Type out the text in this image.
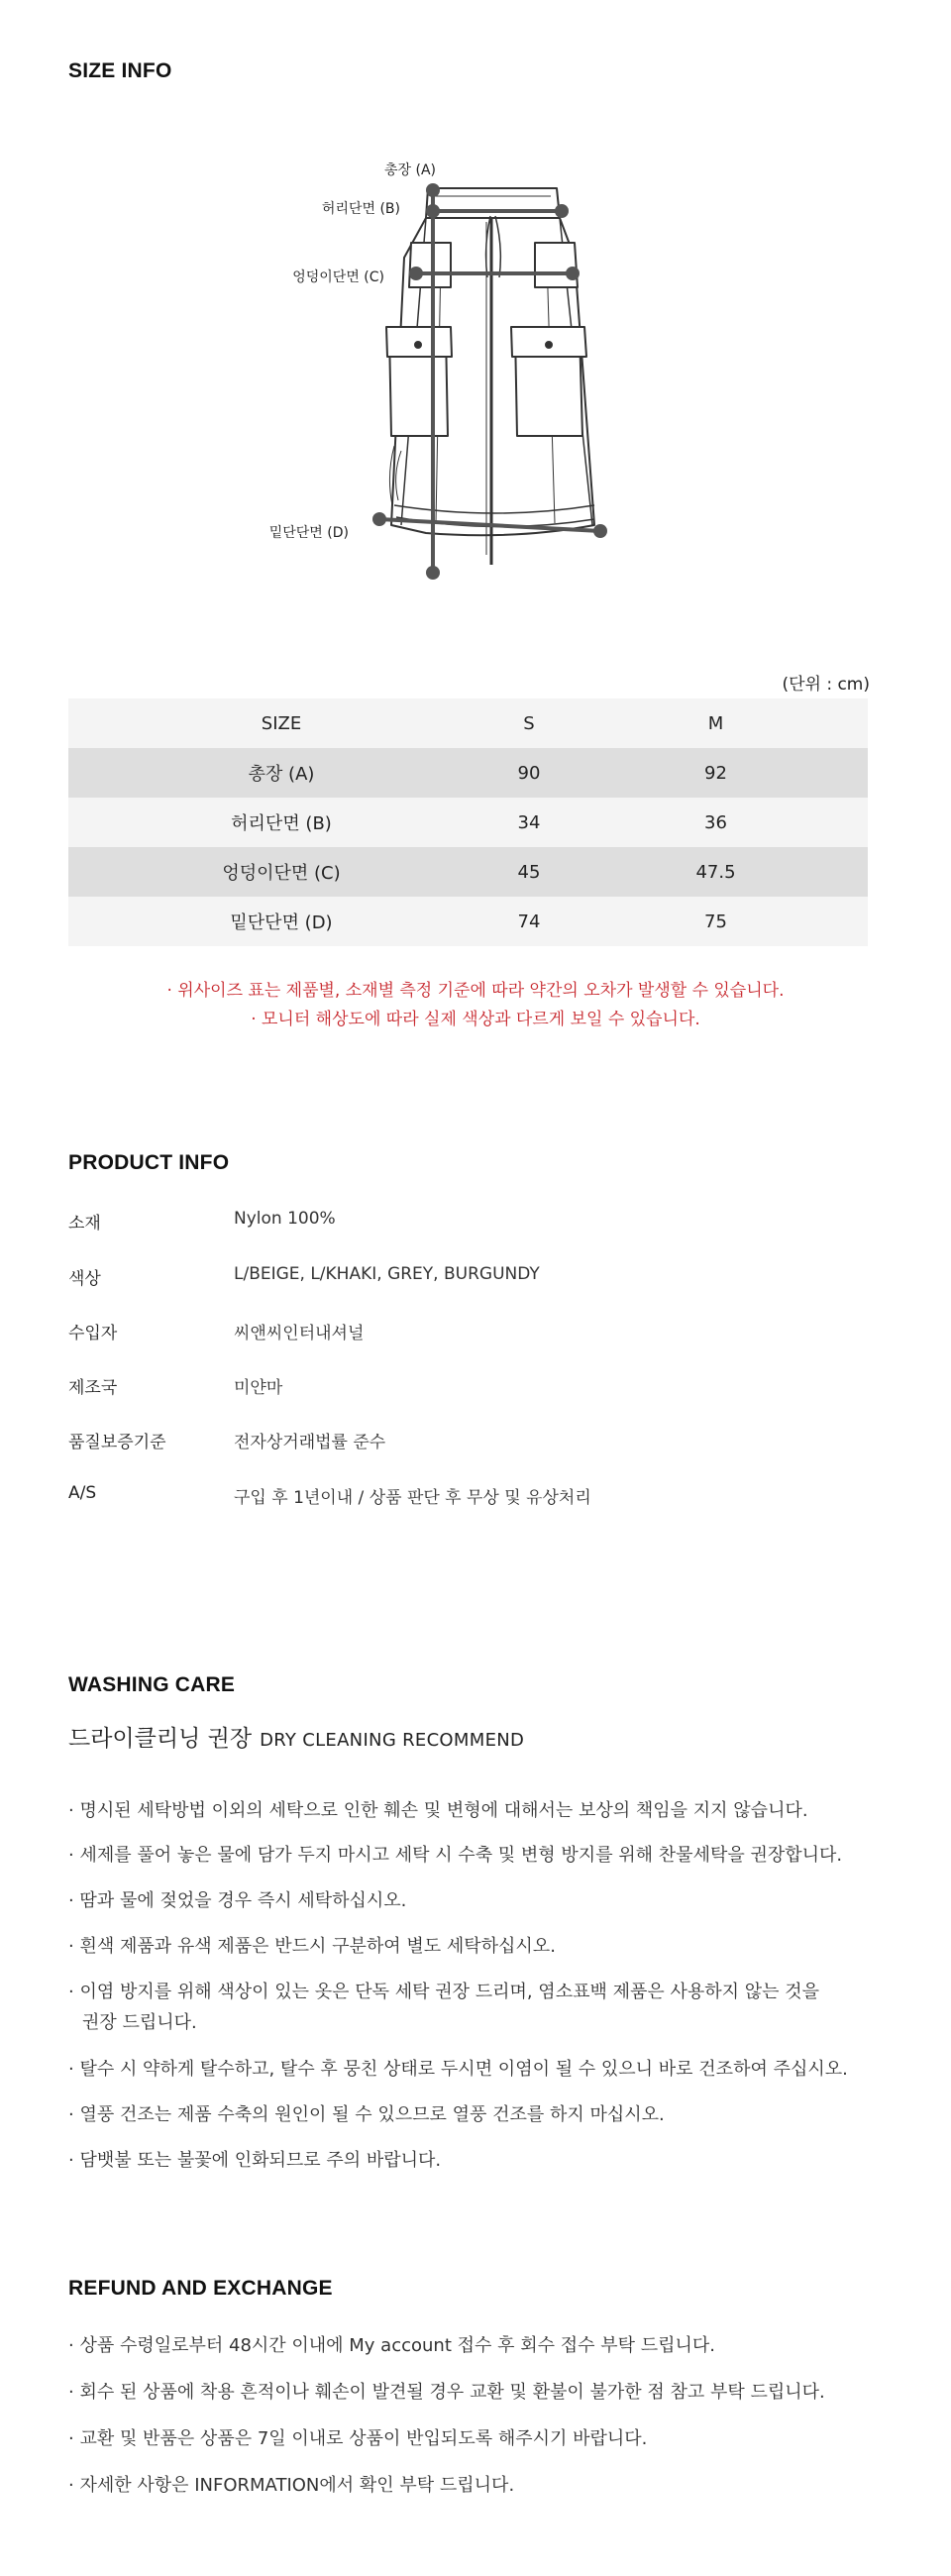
SIZE INFO
총장 (A)
허리단면 (B)
엉덩이단면 (C)
밑단단면 (D)
(단위 : cm)
SIZE	S	M
총장 (A)	90	92
허리단면 (B)	34	36
엉덩이단면 (C)	45	47.5
밑단단면 (D)	74	75
· 위사이즈 표는 제품별, 소재별 측정 기준에 따라 약간의 오차가 발생할 수 있습니다.
· 모니터 해상도에 따라 실제 색상과 다르게 보일 수 있습니다.
PRODUCT INFO
소재	Nylon 100%
색상	L/BEIGE, L/KHAKI, GREY, BURGUNDY
수입자	씨앤씨인터내셔널
제조국	미얀마
품질보증기준	전자상거래법률 준수
A/S	구입 후 1년이내 / 상품 판단 후 무상 및 유상처리
WASHING CARE
드라이클리닝 권장 DRY CLEANING RECOMMEND
· 명시된 세탁방법 이외의 세탁으로 인한 훼손 및 변형에 대해서는 보상의 책임을 지지 않습니다.
· 세제를 풀어 놓은 물에 담가 두지 마시고 세탁 시 수축 및 변형 방지를 위해 찬물세탁을 권장합니다.
· 땀과 물에 젖었을 경우 즉시 세탁하십시오.
· 흰색 제품과 유색 제품은 반드시 구분하여 별도 세탁하십시오.
· 이염 방지를 위해 색상이 있는 옷은 단독 세탁 권장 드리며, 염소표백 제품은 사용하지 않는 것을
권장 드립니다.
· 탈수 시 약하게 탈수하고, 탈수 후 뭉친 상태로 두시면 이염이 될 수 있으니 바로 건조하여 주십시오.
· 열풍 건조는 제품 수축의 원인이 될 수 있으므로 열풍 건조를 하지 마십시오.
· 담뱃불 또는 불꽃에 인화되므로 주의 바랍니다.
REFUND AND EXCHANGE
· 상품 수령일로부터 48시간 이내에 My account 접수 후 회수 접수 부탁 드립니다.
· 회수 된 상품에 착용 흔적이나 훼손이 발견될 경우 교환 및 환불이 불가한 점 참고 부탁 드립니다.
· 교환 및 반품은 상품은 7일 이내로 상품이 반입되도록 해주시기 바랍니다.
· 자세한 사항은 INFORMATION에서 확인 부탁 드립니다.
